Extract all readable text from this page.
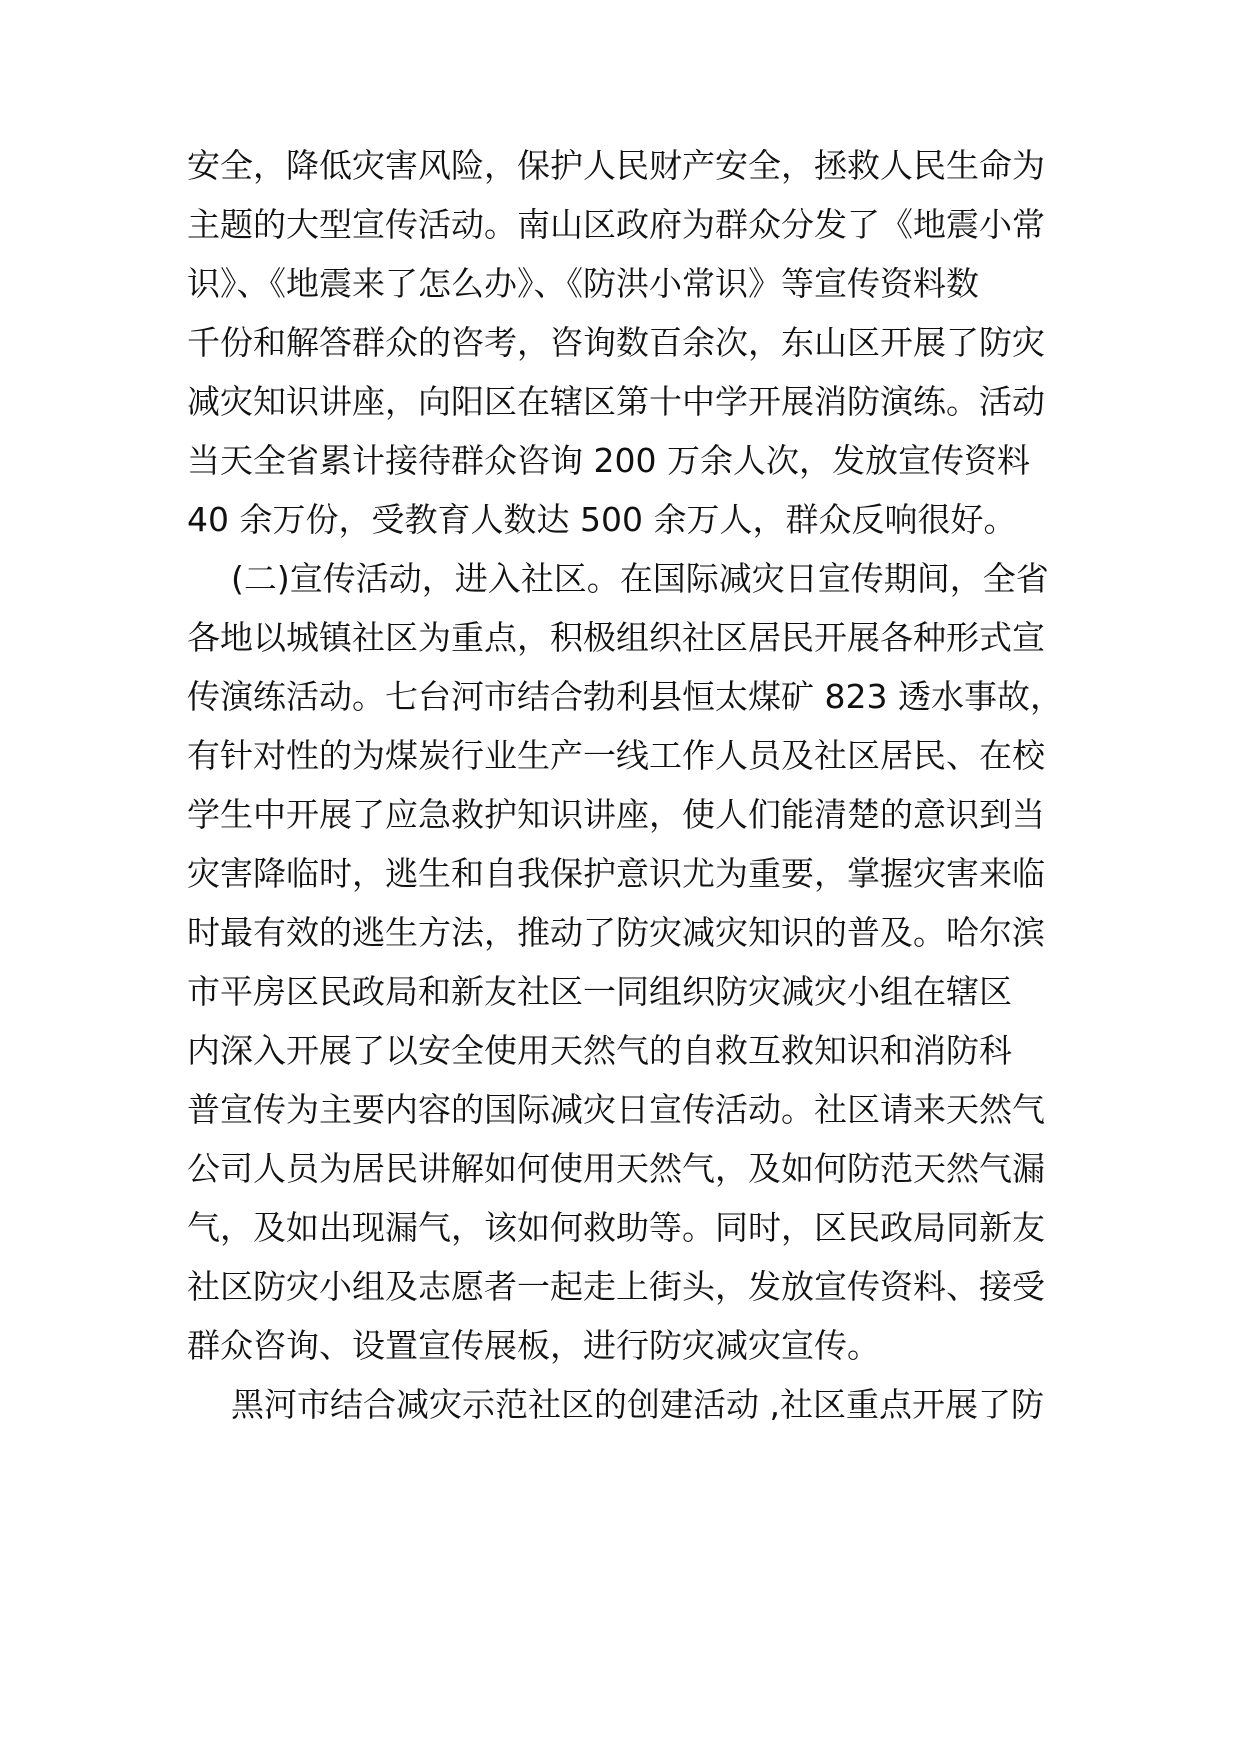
安全，降低灾害风险，保护人民财产安全，拯救人民生命为
主题的大型宣传活动。南山区政府为群众分发了《地震小常
识》、《地震来了怎么办》、《防洪小常识》等宣传资料数
千份和解答群众的咨考，咨询数百余次，东山区开展了防灾
减灾知识讲座，向阳区在辖区第十中学开展消防演练。活动
当天全省累计接待群众咨询 200 万余人次，发放宣传资料
40 余万份，受教育人数达 500 余万人，群众反响很好。
(二)宣传活动，进入社区。在国际减灾日宣传期间，全省
各地以城镇社区为重点，积极组织社区居民开展各种形式宣
传演练活动。七台河市结合勃利县恒太煤矿 823 透水事故，
有针对性的为煤炭行业生产一线工作人员及社区居民、在校
学生中开展了应急救护知识讲座，使人们能清楚的意识到当
灾害降临时，逃生和自我保护意识尤为重要，掌握灾害来临
时最有效的逃生方法，推动了防灾减灾知识的普及。哈尔滨
市平房区民政局和新友社区一同组织防灾减灾小组在辖区
内深入开展了以安全使用天然气的自救互救知识和消防科
普宣传为主要内容的国际减灾日宣传活动。社区请来天然气
公司人员为居民讲解如何使用天然气，及如何防范天然气漏
气，及如出现漏气，该如何救助等。同时，区民政局同新友
社区防灾小组及志愿者一起走上街头，发放宣传资料、接受
群众咨询、设置宣传展板，进行防灾减灾宣传。
黑河市结合减灾示范社区的创建活动 ,社区重点开展了防
